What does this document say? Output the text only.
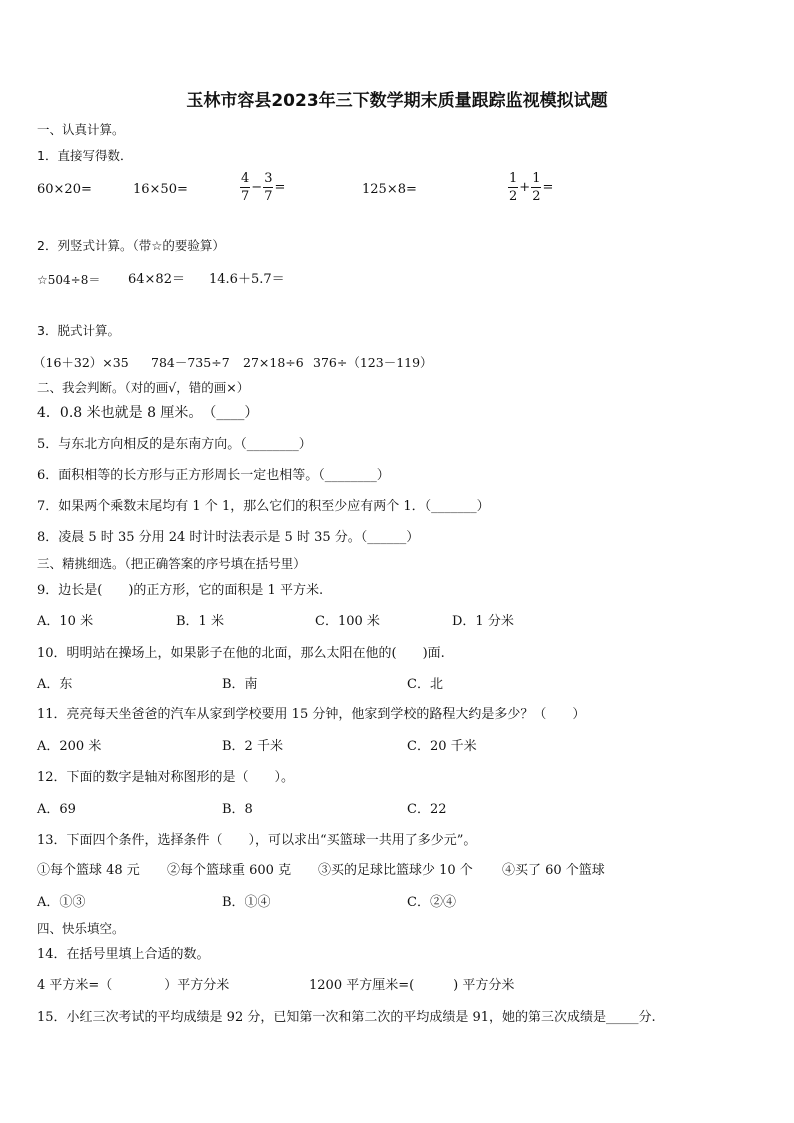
玉林市容县2023年三下数学期末质量跟踪监视模拟试题
一、认真计算。
1．直接写得数．
60×20=	16×50=	$\frac{4}{7} - \frac{3}{7}$ =	125×8=	$\frac{1}{2} + \frac{1}{2}$ =
2．列竖式计算。（带☆的要验算）
☆504÷8＝ 64×82＝ 14.6＋5.7＝
3．脱式计算。
（16＋32）×35 784－735÷7 27×18÷6 376÷（123－119）
二、我会判断。（对的画√，错的画×）
4．0.8 米也就是 8 厘米。　（____）
5．与东北方向相反的是东南方向。（________）
6．面积相等的长方形与正方形周长一定也相等。（________）
7．如果两个乘数末尾均有 1 个 1，那么它们的积至少应有两个 1．（_______）
8．凌晨 5 时 35 分用 24 时计时法表示是 5 时 35 分。（______）
三、精挑细选。（把正确答案的序号填在括号里）
9．边长是(　　)的正方形，它的面积是 1 平方米.
A．10 米	B．1 米	C．100 米	D．1 分米
10．明明站在操场上，如果影子在他的北面，那么太阳在他的(　　)面.
A．东	B．南	C．北
11．亮亮每天坐爸爸的汽车从家到学校要用 15 分钟，他家到学校的路程大约是多少？（　　）
A．200 米	B．2 千米	C．20 千米
12．下面的数字是轴对称图形的是（　　）。
A．69	B．8	C．22
13．下面四个条件，选择条件（　　），可以求出“买篮球一共用了多少元”。
①每个篮球 48 元 ②每个篮球重 600 克 ③买的足球比篮球少 10 个 ④买了 60 个篮球
A．①③	B．①④	C．②④
四、快乐填空。
14．在括号里填上合适的数。
4 平方米=（　　　　）平方分米	1200 平方厘米=(　　　) 平方分米
15．小红三次考试的平均成绩是 92 分，已知第一次和第二次的平均成绩是 91，她的第三次成绩是_____分.
